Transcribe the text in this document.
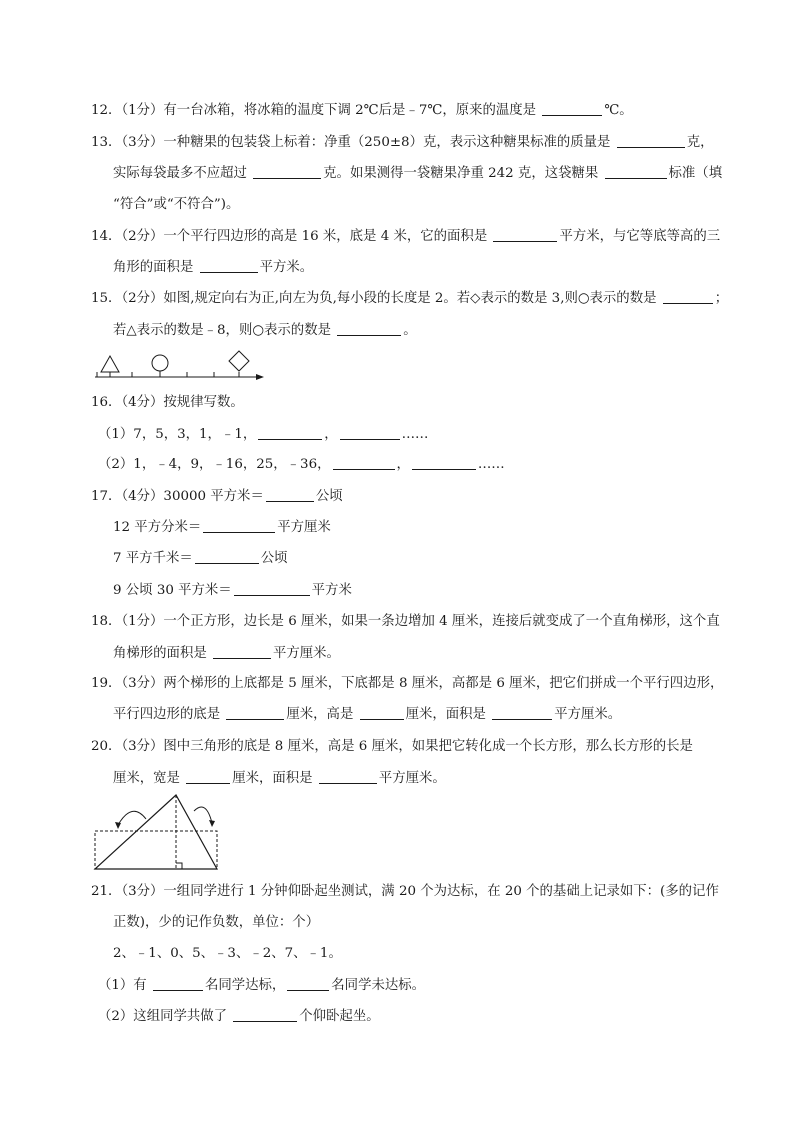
12．（1分）有一台冰箱，将冰箱的温度下调 2℃后是﹣7℃，原来的温度是	℃。
13．（3分）一种糖果的包装袋上标着：净重（250±8）克，表示这种糖果标准的质量是	克，
实际每袋最多不应超过	克。如果测得一袋糖果净重 242 克，这袋糖果	标准（填
“符合”或“不符合”)。
14．（2分）一个平行四边形的高是 16 米，底是 4 米，它的面积是	平方米，与它等底等高的三
角形的面积是	平方米。
15．（2分）如图,规定向右为正,向左为负,每小段的长度是 2。若◇表示的数是 3,则○表示的数是	；
若△表示的数是﹣8，则○表示的数是	。
16．（4分）按规律写数。
（1）7，5，3，1，﹣1，	，	……
（2）1，﹣4，9，﹣16，25，﹣36，	，	……
17．（4分）30000 平方米＝	公顷
12 平方分米＝	平方厘米
7 平方千米＝	公顷
9 公顷 30 平方米＝	平方米
18．（1分）一个正方形，边长是 6 厘米，如果一条边增加 4 厘米，连接后就变成了一个直角梯形，这个直
角梯形的面积是	平方厘米。
19．（3分）两个梯形的上底都是 5 厘米，下底都是 8 厘米，高都是 6 厘米，把它们拼成一个平行四边形，
平行四边形的底是	厘米，高是	厘米，面积是	平方厘米。
20．（3分）图中三角形的底是 8 厘米，高是 6 厘米，如果把它转化成一个长方形，那么长方形的长是
厘米，宽是	厘米，面积是	平方厘米。
21．（3分）一组同学进行 1 分钟仰卧起坐测试，满 20 个为达标，在 20 个的基础上记录如下：(多的记作
正数)，少的记作负数，单位：个）
2、﹣1、0、5、﹣3、﹣2、7、﹣1。
（1）有	名同学达标，	名同学未达标。
（2）这组同学共做了	个仰卧起坐。
